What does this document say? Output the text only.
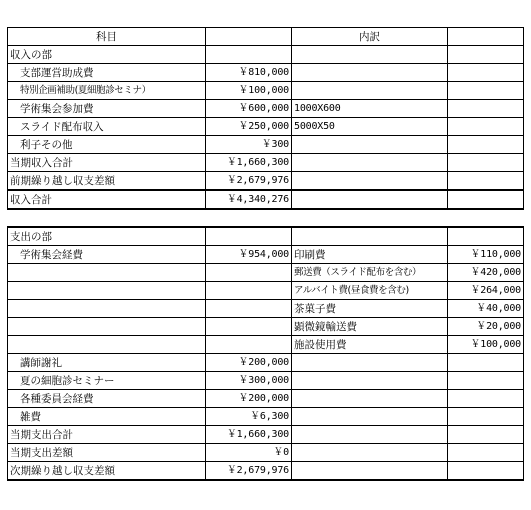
科目		内訳	
収入の部			
支部運営助成費	￥810,000		
特別企画補助(夏細胞診セミナ）	￥100,000		
学術集会参加費	￥600,000	1000X600	
スライド配布収入	￥250,000	5000X50	
利子その他	￥300		
当期収入合計	￥1,660,300		
前期繰り越し収支差額	￥2,679,976		
収入合計	￥4,340,276		

支出の部			
学術集会経費	￥954,000	印刷費	￥110,000
		郵送費（スライド配布を含む）	￥420,000
		アルバイト費(昼食費を含む)	￥264,000
		茶菓子費	￥40,000
		顕微鏡輸送費	￥20,000
		施設使用費	￥100,000
講師謝礼	￥200,000		
夏の細胞診セミナー	￥300,000		
各種委員会経費	￥200,000		
雑費	￥6,300		
当期支出合計	￥1,660,300		
当期支出差額	￥0		
次期繰り越し収支差額	￥2,679,976		
